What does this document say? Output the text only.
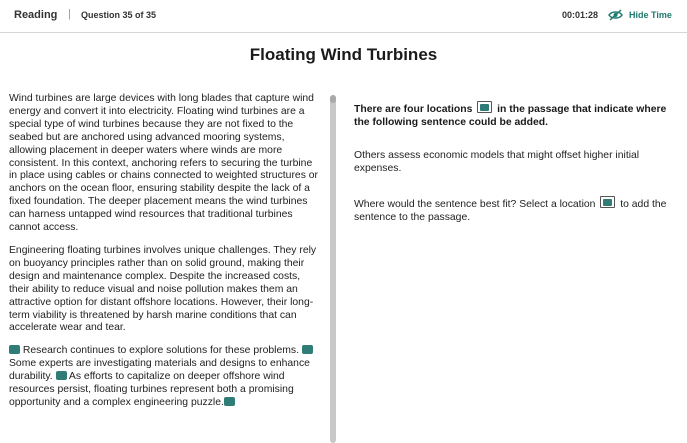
Reading | Question 35 of 35	00:01:28	Hide Time
Floating Wind Turbines

Wind turbines are large devices with long blades that capture wind energy and convert it into electricity. Floating wind turbines are a special type of wind turbines because they are not fixed to the seabed but are anchored using advanced mooring systems, allowing placement in deeper waters where winds are more consistent. In this context, anchoring refers to securing the turbine in place using cables or chains connected to weighted structures or anchors on the ocean floor, ensuring stability despite the lack of a fixed foundation. The deeper placement means the wind turbines can harness untapped wind resources that traditional turbines cannot access.

Engineering floating turbines involves unique challenges. They rely on buoyancy principles rather than on solid ground, making their design and maintenance complex. Despite the increased costs, their ability to reduce visual and noise pollution makes them an attractive option for distant offshore locations. However, their long-term viability is threatened by harsh marine conditions that can accelerate wear and tear.

Research continues to explore solutions for these problems.  Some experts are investigating materials and designs to enhance durability. As efforts to capitalize on deeper offshore wind resources persist, floating turbines represent both a promising opportunity and a complex engineering puzzle.

There are four locations in the passage that indicate where the following sentence could be added.
Others assess economic models that might offset higher initial expenses.
Where would the sentence best fit? Select a location to add the sentence to the passage.
